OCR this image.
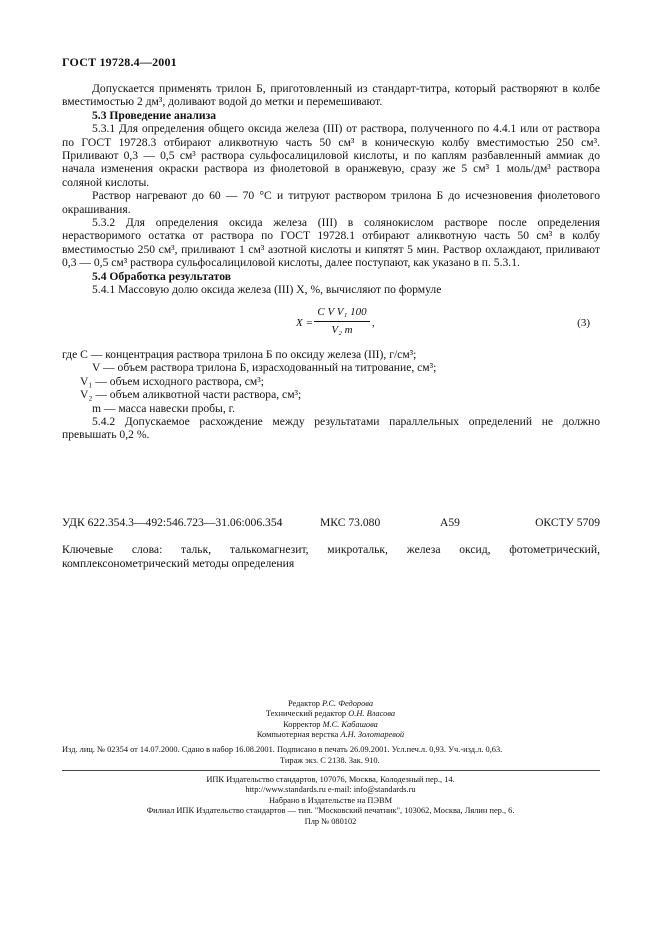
ГОСТ 19728.4—2001

Допускается применять трилон Б, приготовленный из стандарт-титра, который растворяют в колбе вместимостью 2 дм³, доливают водой до метки и перемешивают.

5.3 Проведение анализа

5.3.1 Для определения общего оксида железа (III) от раствора, полученного по 4.4.1 или от раствора по ГОСТ 19728.3 отбирают аликвотную часть 50 см³ в коническую колбу вместимостью 250 см³. Приливают 0,3 — 0,5 см³ раствора сульфосалициловой кислоты, и по каплям разбавленный аммиак до начала изменения окраски раствора из фиолетовой в оранжевую, сразу же 5 см³ 1 моль/дм³ раствора соляной кислоты.

Раствор нагревают до 60 — 70 °С и титруют раствором трилона Б до исчезновения фиолетового окрашивания.

5.3.2 Для определения оксида железа (III) в солянокислом растворе после определения нерастворимого остатка от раствора по ГОСТ 19728.1 отбирают аликвотную часть 50 см³ в колбу вместимостью 250 см³, приливают 1 см³ азотной кислоты и кипятят 5 мин. Раствор охлаждают, приливают 0,3 — 0,5 см³ раствора сульфосалициловой кислоты, далее поступают, как указано в п. 5.3.1.

5.4 Обработка результатов

5.4.1 Массовую долю оксида железа (III) X, %, вычисляют по формуле

X =
C V V₁ 100
V₂ m
,	(3)
где C — концентрация раствора трилона Б по оксиду железа (III), г/см³;
V — объем раствора трилона Б, израсходованный на титрование, см³;
V₁ — объем исходного раствора, см³;
V₂ — объем аликвотной части раствора, см³;
m — масса навески пробы, г.
5.4.2 Допускаемое расхождение между результатами параллельных определений не должно превышать 0,2 %.
УДК 622.354.3—492:546.723—31.06:006.354	МКС 73.080	А59	ОКСТУ 5709
Ключевые слова: тальк, талькомагнезит, микротальк, железа оксид, фотометрический, комплексонометрический методы определения
Редактор Р.С. Федорова
Технический редактор О.Н. Власова
Корректор М.С. Кабашова
Компьютерная верстка А.Н. Золотаревой
Изд. лиц. № 02354 от 14.07.2000. Сдано в набор 16.08.2001. Подписано в печать 26.09.2001. Усл.печ.л. 0,93. Уч.-изд.л. 0,63.
Тираж экз. С 2138. Зак. 910.
ИПК Издательство стандартов, 107076, Москва, Колодезный пер., 14.
http://www.standards.ru e-mail: info@standards.ru
Набрано в Издательстве на ПЭВМ
Филиал ИПК Издательство стандартов — тип. "Московский печатник", 103062, Москва, Лялин пер., 6.
Плр № 080102
